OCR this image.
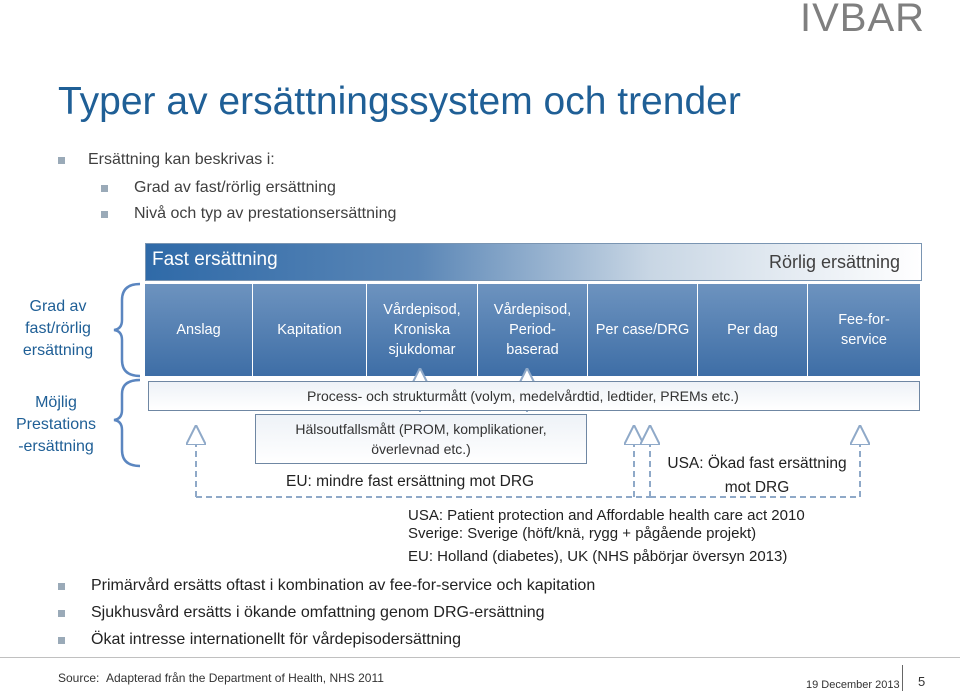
IVBAR
Typer av ersättningssystem och trender
Ersättning kan beskrivas i:
Grad av fast/rörlig ersättning
Nivå och typ av prestationsersättning
Fast ersättning	Rörlig ersättning
Grad av
fast/rörlig
ersättning
Möjlig
Prestations
-ersättning
Anslag	Kapitation
Vårdepisod,
Kroniska
sjukdomar
Vårdepisod,
Period-
baserad
Per case/DRG	Per dag
Fee-for-
service
Process- och strukturmått (volym, medelvårdtid, ledtider, PREMs etc.)
Hälsoutfallsmått (PROM, komplikationer,
överlevnad etc.)
EU: mindre fast ersättning mot DRG
USA: Ökad fast ersättning
mot DRG
USA: Patient protection and Affordable health care act 2010
Sverige: Sverige (höft/knä, rygg + pågående projekt)
EU: Holland (diabetes), UK (NHS påbörjar översyn 2013)
Primärvård ersätts oftast i kombination av fee-for-service och kapitation
Sjukhusvård ersätts i ökande omfattning genom DRG-ersättning
Ökat intresse internationellt för vårdepisodersättning
Source: Adapterad från the Department of Health, NHS 2011	19 December 2013 5
